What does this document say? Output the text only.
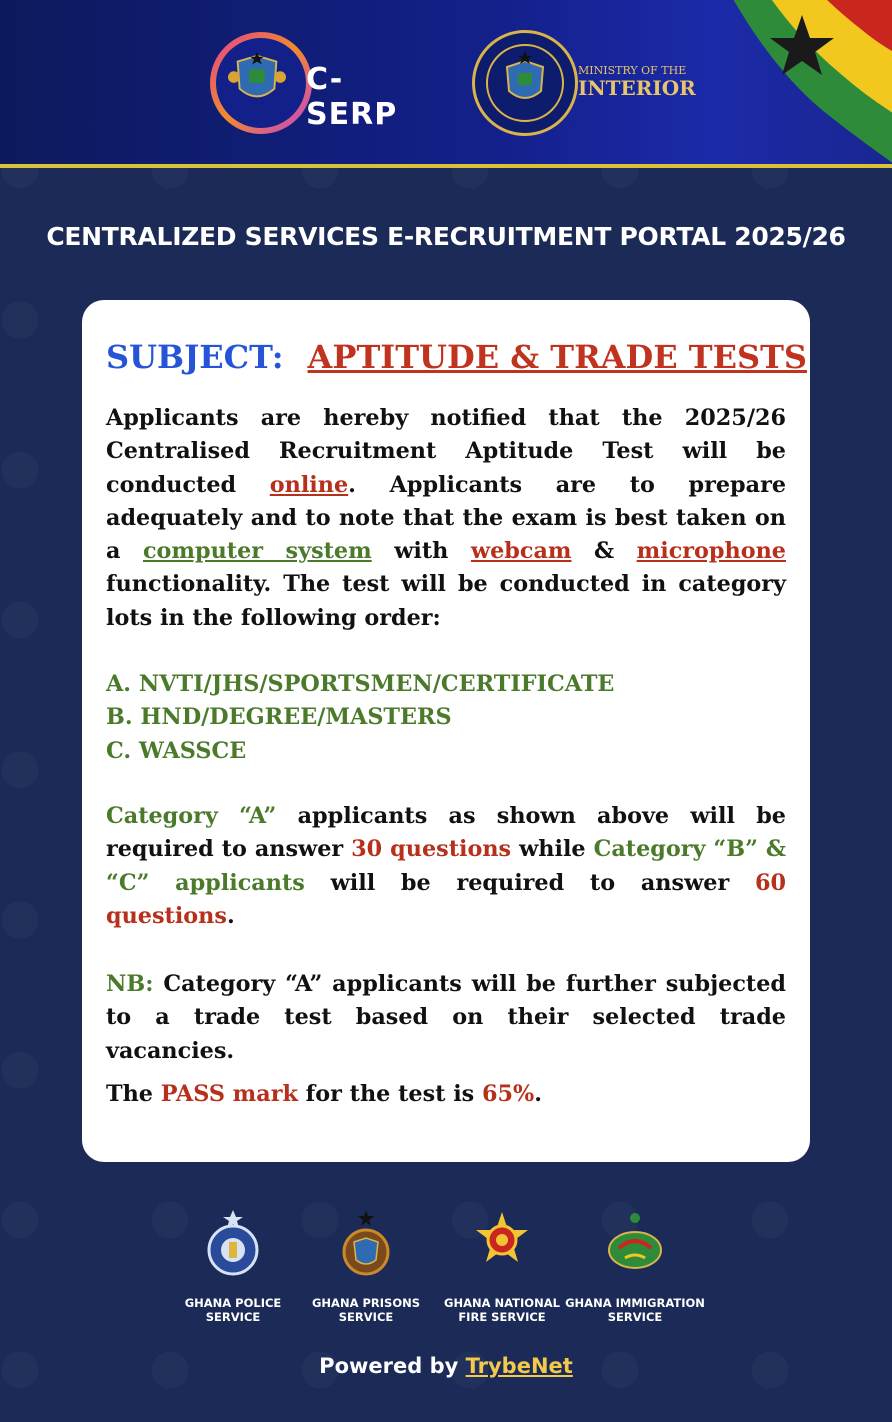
C-SERP
MINISTRY OF THE
INTERIOR
CENTRALIZED SERVICES E-RECRUITMENT PORTAL 2025/26
SUBJECT: APTITUDE & TRADE TESTS
Applicants are hereby notified that the 2025/26 Centralised Recruitment Aptitude Test will be conducted online. Applicants are to prepare adequately and to note that the exam is best taken on a computer system with webcam & microphone functionality. The test will be conducted in category lots in the following order:
A. NVTI/JHS/SPORTSMEN/CERTIFICATE
B. HND/DEGREE/MASTERS
C. WASSCE
Category “A” applicants as shown above will be required to answer 30 questions while Category “B” & “C” applicants will be required to answer 60 questions.
NB: Category “A” applicants will be further subjected to a trade test based on their selected trade vacancies.
The PASS mark for the test is 65%.
GHANA POLICE
SERVICE
GHANA PRISONS
SERVICE
GHANA NATIONAL
FIRE SERVICE
GHANA IMMIGRATION
SERVICE
Powered by TrybeNet
